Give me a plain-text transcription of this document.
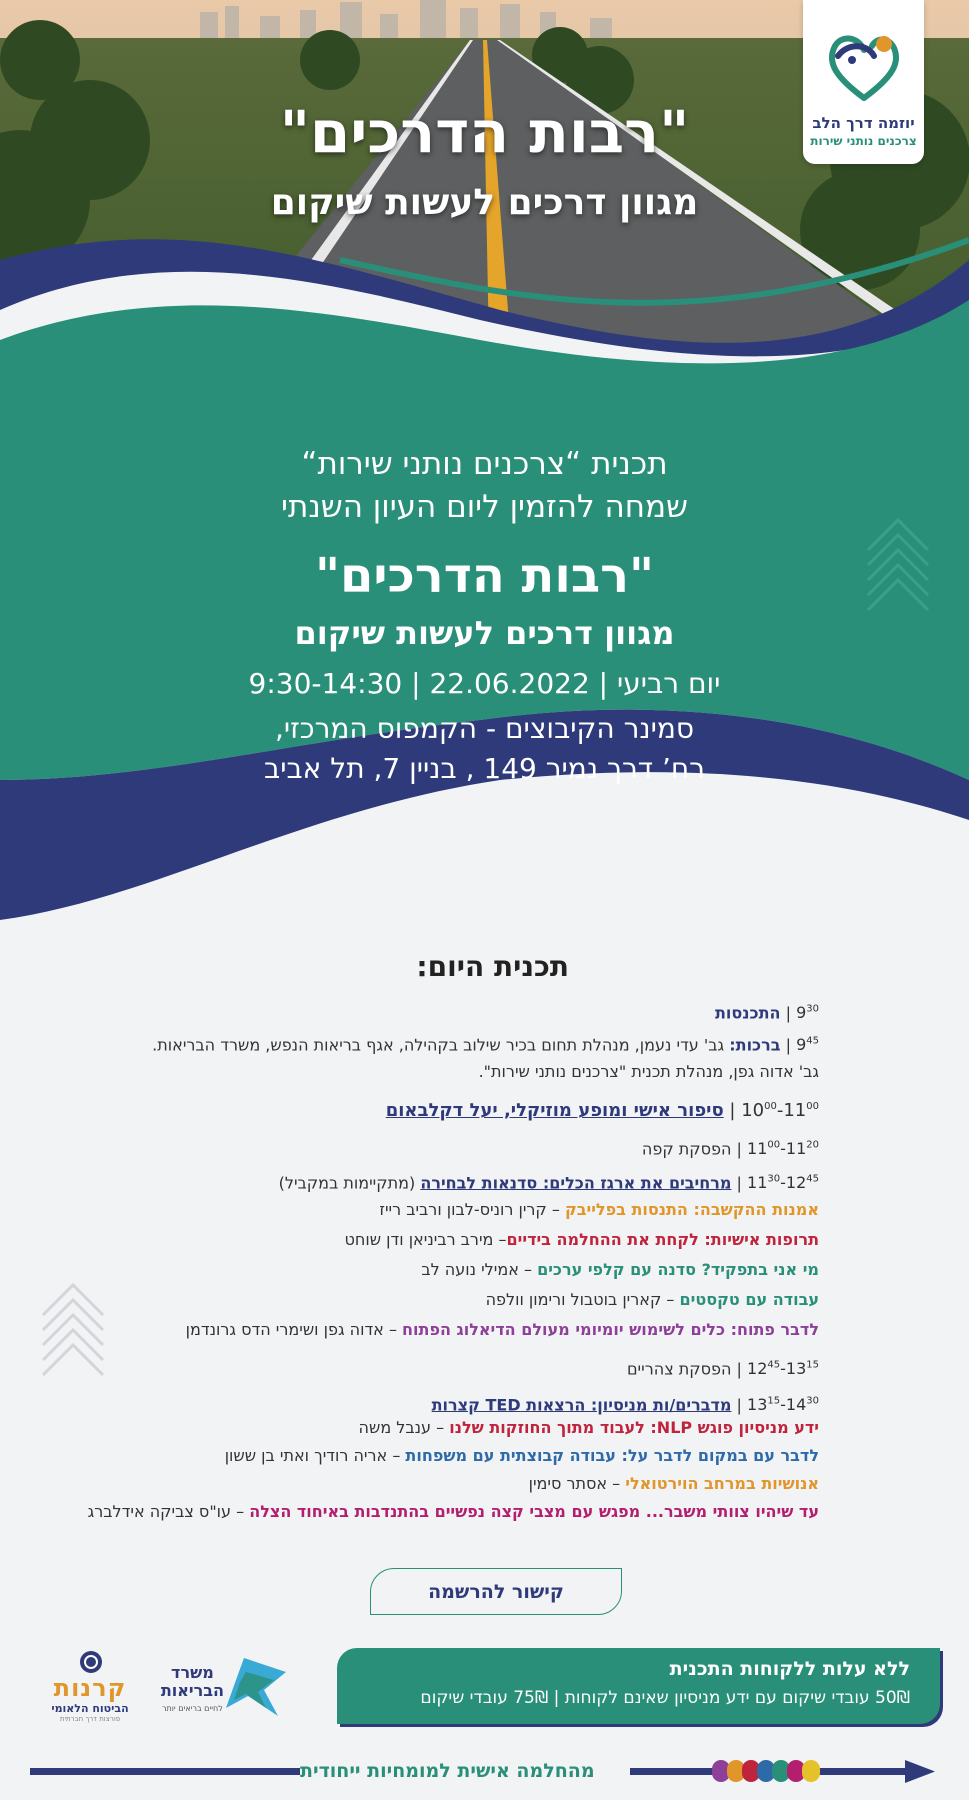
"רבות הדרכים"
מגוון דרכים לעשות שיקום
יוזמה דרך הלב
צרכנים נותני שירות
תכנית “צרכנים נותני שירות“
שמחה להזמין ליום העיון השנתי
"רבות הדרכים"
מגוון דרכים לעשות שיקום
יום רביעי | 22.06.2022 | 9:30-14:30
סמינר הקיבוצים - הקמפוס המרכזי,
רח’ דרך נמיר 149 , בניין 7, תל אביב
תכנית היום:
$9^{30}$ | התכנסות
$9^{45}$ | ברכות: גב' עדי נעמן, מנהלת תחום בכיר שילוב בקהילה, אגף בריאות הנפש, משרד הבריאות.
גב' אדוה גפן, מנהלת תכנית "צרכנים נותני שירות".
$10^{00}-11^{00}$ | סיפור אישי ומופע מוזיקלי, יעל דקלבאום
$11^{00}-11^{20}$ | הפסקת קפה
$11^{30}-12^{45}$ | מרחיבים את ארגז הכלים: סדנאות לבחירה (מתקיימות במקביל)
אמנות ההקשבה: התנסות בפלייבק – קרין רוניס-לבון ורביב רייז
תרופות אישיות: לקחת את ההחלמה בידיים– מירב רביניאן ודן שוחט
מי אני בתפקיד? סדנה עם קלפי ערכים – אמילי נועה לב
עבודה עם טקסטים – קארין בוטבול ורימון וולפה
לדבר פתוח: כלים לשימוש יומיומי מעולם הדיאלוג הפתוח – אדוה גפן ושימרי הדס גרונדמן
$12^{45}-13^{15}$ | הפסקת צהריים
$13^{15}-14^{30}$ | מדברים/ות מניסיון: הרצאות TED קצרות
ידע מניסיון פוגש NLP: לעבוד מתוך החוזקות שלנו – ענבל משה
לדבר עם במקום לדבר על: עבודה קבוצתית עם משפחות – אריה רודיך ואתי בן ששון
אנושיות במרחב הוירטואלי – אסתר סימין
עד שיהיו צוותי משבר... מפגש עם מצבי קצה נפשיים בהתנדבות באיחוד הצלה – עו"ס צביקה אידלברג
קישור להרשמה
קרנות
הביטוח הלאומי
פורצות דרך חברתית
משרד
הבריאות
לחיים בריאים יותר
ללא עלות ללקוחות התכנית
50₪ עובדי שיקום עם ידע מניסיון שאינם לקוחות | 75₪ עובדי שיקום
מהחלמה אישית למומחיות ייחודית
